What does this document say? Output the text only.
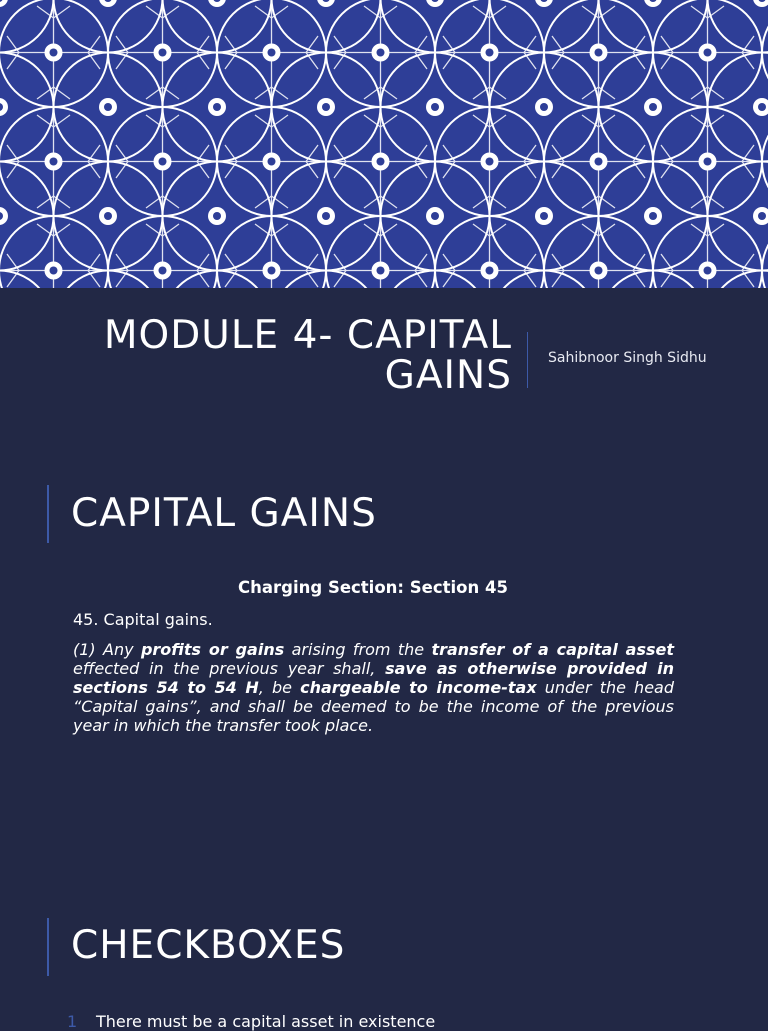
MODULE 4- CAPITAL
GAINS	Sahibnoor Singh Sidhu
CAPITAL GAINS
Charging Section: Section 45
45. Capital gains.

(1) Any profits or gains arising from the transfer of a capital asset effected in the previous year shall, save as otherwise provided in sections 54 to 54 H, be chargeable to income-tax under the head “Capital gains”, and shall be deemed to be the income of the previous year in which the transfer took place.

CHECKBOXES
1 There must be a capital asset in existence
